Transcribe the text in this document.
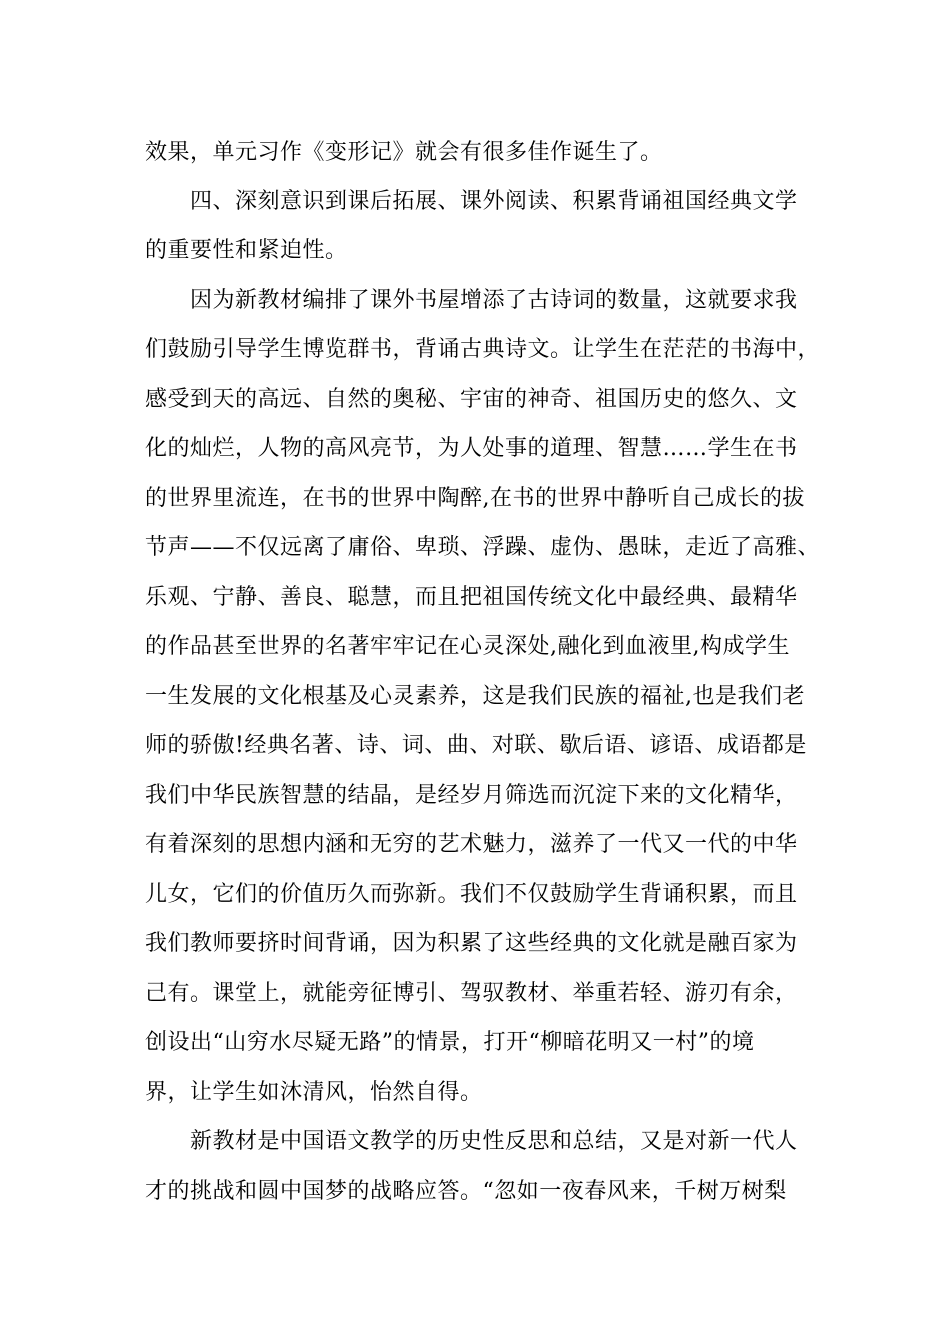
效果，单元习作《变形记》就会有很多佳作诞生了。
四、深刻意识到课后拓展、课外阅读、积累背诵祖国经典文学
的重要性和紧迫性。
因为新教材编排了课外书屋增添了古诗词的数量，这就要求我
们鼓励引导学生博览群书，背诵古典诗文。让学生在茫茫的书海中，
感受到天的高远、自然的奥秘、宇宙的神奇、祖国历史的悠久、文
化的灿烂，人物的高风亮节，为人处事的道理、智慧……学生在书
的世界里流连，在书的世界中陶醉,在书的世界中静听自己成长的拔
节声——不仅远离了庸俗、卑琐、浮躁、虚伪、愚昧，走近了高雅、
乐观、宁静、善良、聪慧，而且把祖国传统文化中最经典、最精华
的作品甚至世界的名著牢牢记在心灵深处,融化到血液里,构成学生
一生发展的文化根基及心灵素养，这是我们民族的福祉,也是我们老
师的骄傲!经典名著、诗、词、曲、对联、歇后语、谚语、成语都是
我们中华民族智慧的结晶，是经岁月筛选而沉淀下来的文化精华，
有着深刻的思想内涵和无穷的艺术魅力，滋养了一代又一代的中华
儿女，它们的价值历久而弥新。我们不仅鼓励学生背诵积累，而且
我们教师要挤时间背诵，因为积累了这些经典的文化就是融百家为
己有。课堂上，就能旁征博引、驾驭教材、举重若轻、游刃有余，
创设出“山穷水尽疑无路”的情景，打开“柳暗花明又一村”的境
界，让学生如沐清风，怡然自得。
新教材是中国语文教学的历史性反思和总结，又是对新一代人
才的挑战和圆中国梦的战略应答。“忽如一夜春风来，千树万树梨
